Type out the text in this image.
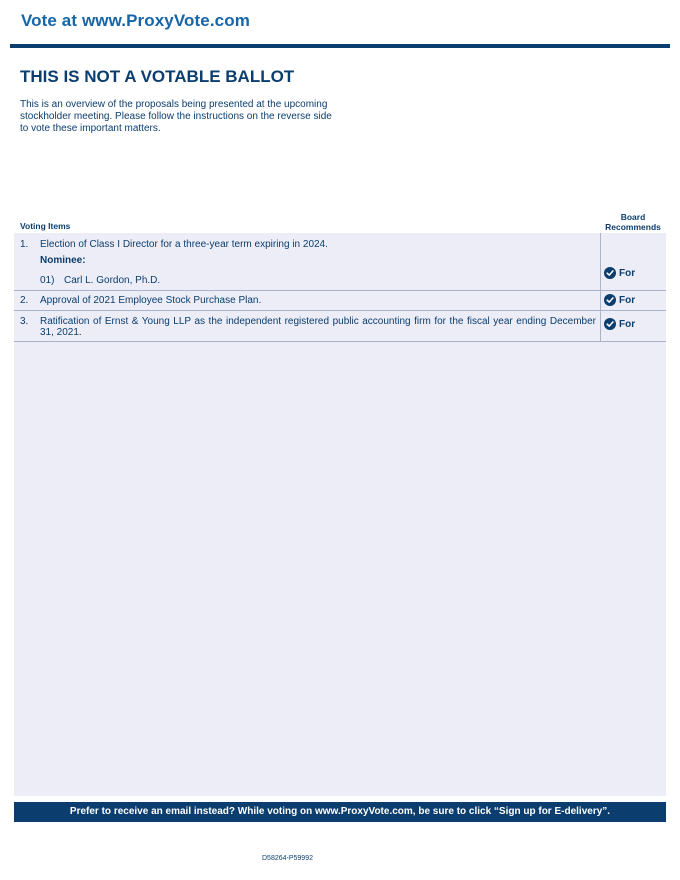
Vote at www.ProxyVote.com
THIS IS NOT A VOTABLE BALLOT
This is an overview of the proposals being presented at the upcoming stockholder meeting. Please follow the instructions on the reverse side to vote these important matters.
Voting Items
Board Recommends
1. Election of Class I Director for a three-year term expiring in 2024.
Nominee:
01) Carl L. Gordon, Ph.D.
For
2. Approval of 2021 Employee Stock Purchase Plan.	For
3. Ratification of Ernst & Young LLP as the independent registered public accounting firm for the fiscal year ending December 31, 2021.
For
Prefer to receive an email instead? While voting on www.ProxyVote.com, be sure to click “Sign up for E-delivery”.
D58264-P59992
